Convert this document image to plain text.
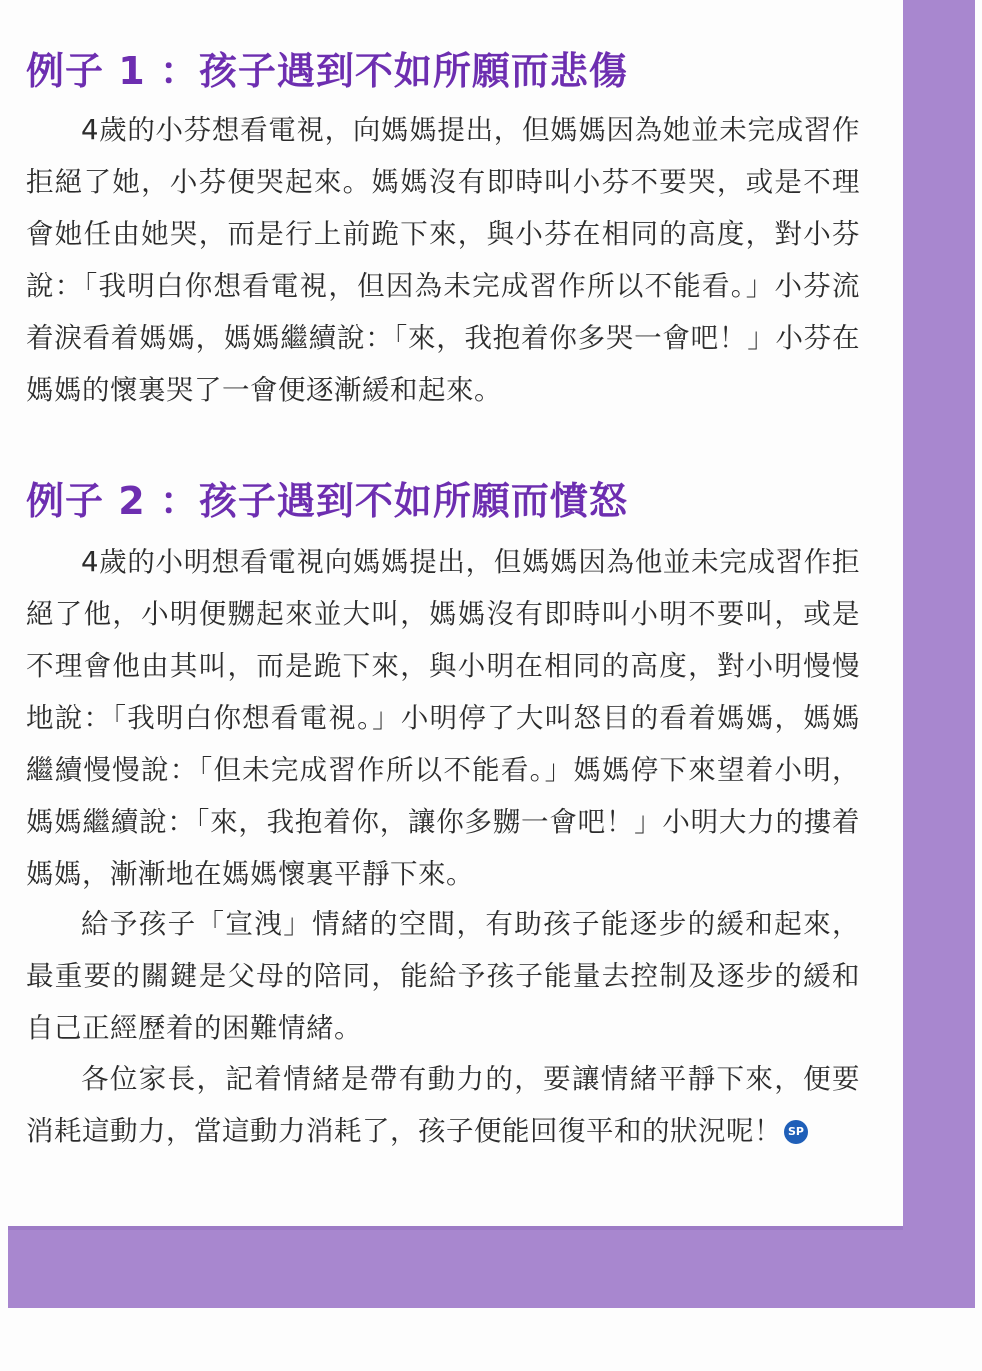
例子 1 ：孩子遇到不如所願而悲傷

4歲的小芬想看電視，向媽媽提出，但媽媽因為她並未完成習作拒絕了她，小芬便哭起來。媽媽沒有即時叫小芬不要哭，或是不理會她任由她哭，而是行上前跪下來，與小芬在相同的高度，對小芬說：「我明白你想看電視，但因為未完成習作所以不能看。」小芬流着淚看着媽媽，媽媽繼續說：「來，我抱着你多哭一會吧！」小芬在媽媽的懷裏哭了一會便逐漸緩和起來。

例子 2 ：孩子遇到不如所願而憤怒

4歲的小明想看電視向媽媽提出，但媽媽因為他並未完成習作拒絕了他，小明便嬲起來並大叫，媽媽沒有即時叫小明不要叫，或是不理會他由其叫，而是跪下來，與小明在相同的高度，對小明慢慢地說：「我明白你想看電視。」小明停了大叫怒目的看着媽媽，媽媽繼續慢慢說：「但未完成習作所以不能看。」媽媽停下來望着小明，媽媽繼續說：「來，我抱着你，讓你多嬲一會吧！」小明大力的摟着媽媽，漸漸地在媽媽懷裏平靜下來。

給予孩子「宣洩」情緒的空間，有助孩子能逐步的緩和起來，最重要的關鍵是父母的陪同，能給予孩子能量去控制及逐步的緩和自己正經歷着的困難情緒。

各位家長，記着情緒是帶有動力的，要讓情緒平靜下來，便要消耗這動力，當這動力消耗了，孩子便能回復平和的狀況呢！ SP
